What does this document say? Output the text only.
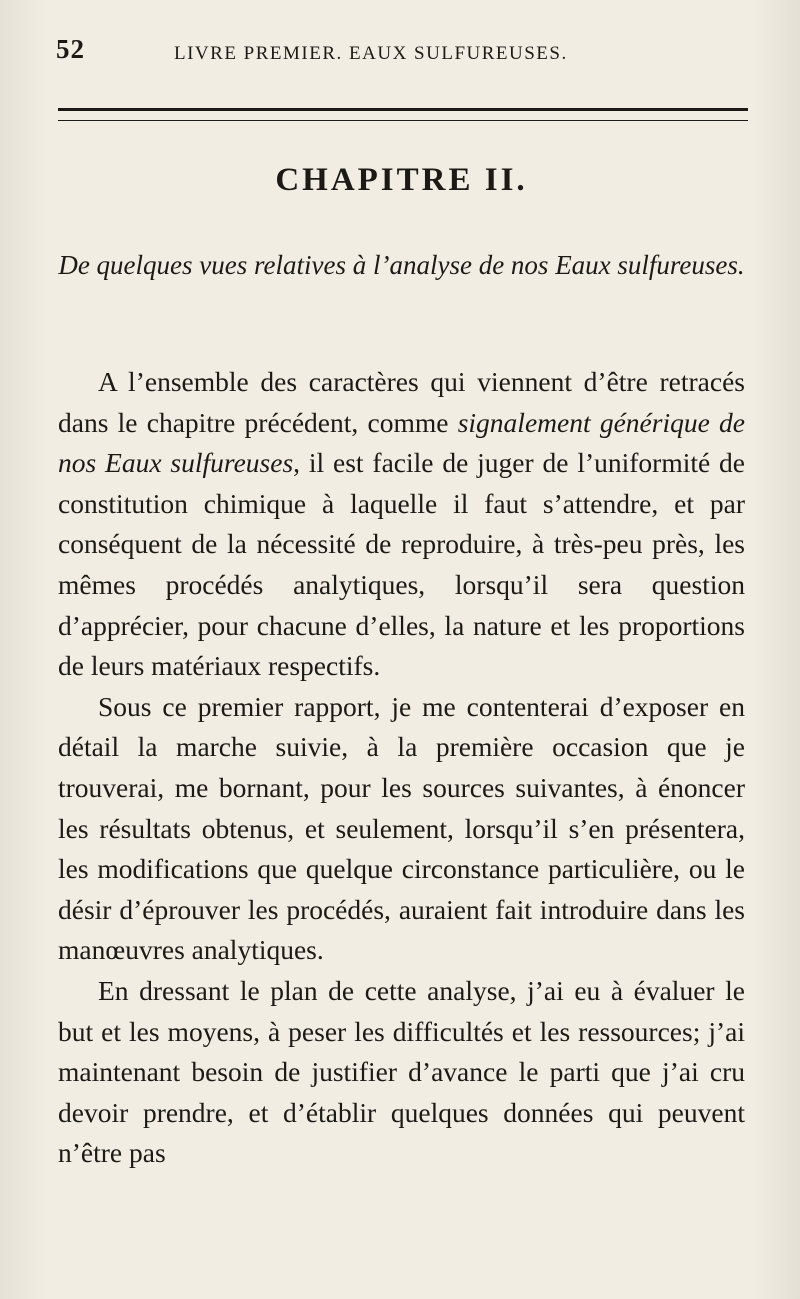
52	LIVRE PREMIER. EAUX SULFUREUSES.
CHAPITRE II.
De quelques vues relatives à l’analyse de nos Eaux sulfureuses.

A l’ensemble des caractères qui viennent d’être retracés dans le chapitre précédent, comme signalement générique de nos Eaux sulfureuses, il est facile de juger de l’uniformité de constitution chimique à laquelle il faut s’attendre, et par conséquent de la nécessité de reproduire, à très-peu près, les mêmes procédés analytiques, lorsqu’il sera question d’apprécier, pour chacune d’elles, la nature et les proportions de leurs matériaux respectifs.

Sous ce premier rapport, je me contenterai d’exposer en détail la marche suivie, à la première occasion que je trouverai, me bornant, pour les sources suivantes, à énoncer les résultats obtenus, et seulement, lorsqu’il s’en présentera, les modifications que quelque circonstance particulière, ou le désir d’éprouver les procédés, auraient fait introduire dans les manœuvres analytiques.

En dressant le plan de cette analyse, j’ai eu à évaluer le but et les moyens, à peser les difficultés et les ressources; j’ai maintenant besoin de justifier d’avance le parti que j’ai cru devoir prendre, et d’établir quelques données qui peuvent n’être pas
